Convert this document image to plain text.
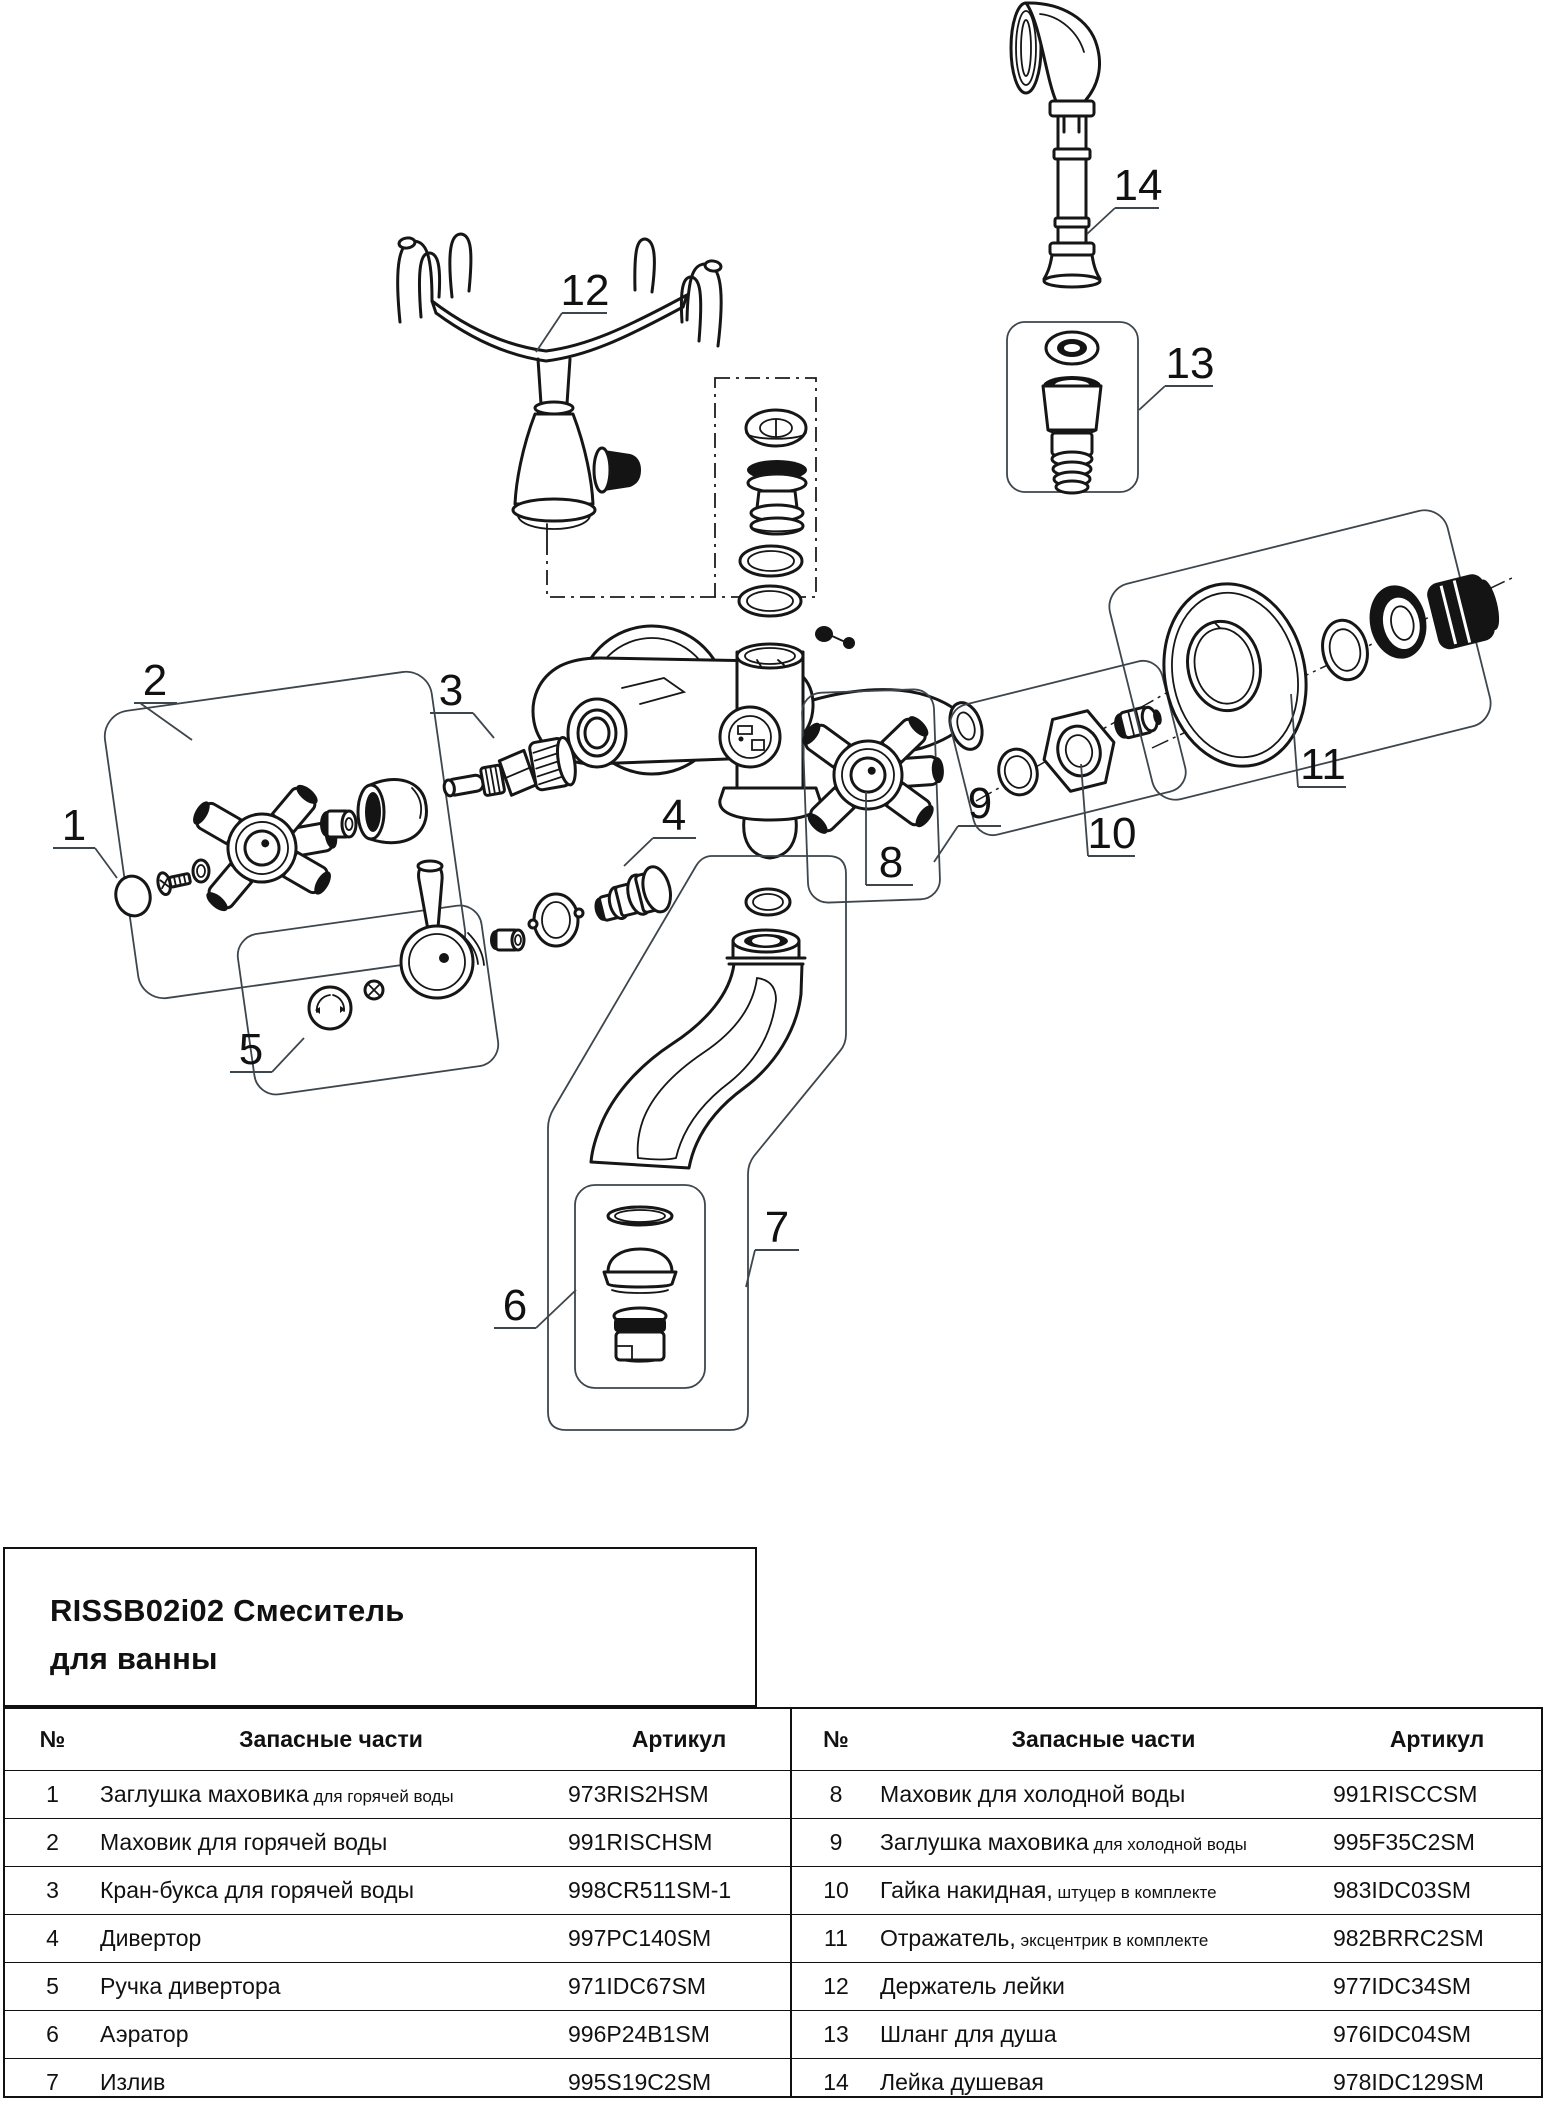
1
2	3
4
5
6
7
8
9
10
11
12
13
14
RISSB02i02 Смеситель
для ванны
№	Запасные части	Артикул
1	Заглушка маховика для горячей воды	973RIS2HSM
2	Маховик для горячей воды	991RISCHSM
3	Кран-букса для горячей воды	998CR511SM-1
4	Дивертор	997PC140SM
5	Ручка дивертора	971IDC67SM
6	Аэратор	996P24B1SM
7	Излив	995S19C2SM
№	Запасные части	Артикул
8	Маховик для холодной воды	991RISCCSM
9	Заглушка маховика для холодной воды	995F35C2SM
10	Гайка накидная, штуцер в комплекте	983IDC03SM
11	Отражатель, эксцентрик в комплекте	982BRRC2SM
12	Держатель лейки	977IDC34SM
13	Шланг для душа	976IDC04SM
14	Лейка душевая	978IDC129SM
